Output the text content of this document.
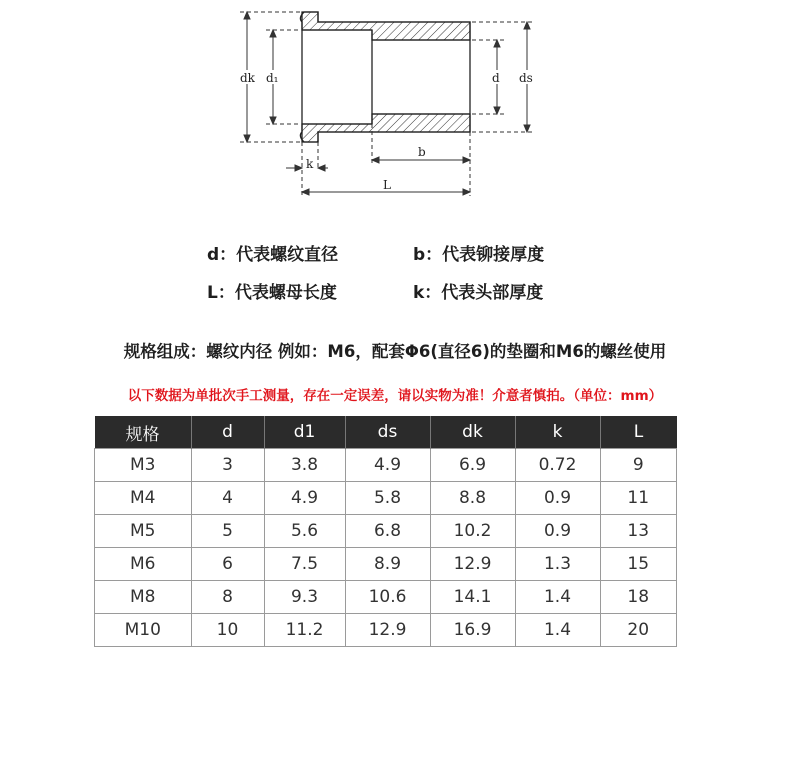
dk d₁	d ds
k
b
L
d：代表螺纹直径	b：代表铆接厚度
L：代表螺母长度	k：代表头部厚度
规格组成：螺纹内径 例如：M6，配套Φ6(直径6)的垫圈和M6的螺丝使用
以下数据为单批次手工测量，存在一定误差，请以实物为准！介意者慎拍。（单位：mm）
规格	d	d1	ds	dk	k	L
M3	3	3.8	4.9	6.9	0.72	9
M4	4	4.9	5.8	8.8	0.9	11
M5	5	5.6	6.8	10.2	0.9	13
M6	6	7.5	8.9	12.9	1.3	15
M8	8	9.3	10.6	14.1	1.4	18
M10	10	11.2	12.9	16.9	1.4	20
